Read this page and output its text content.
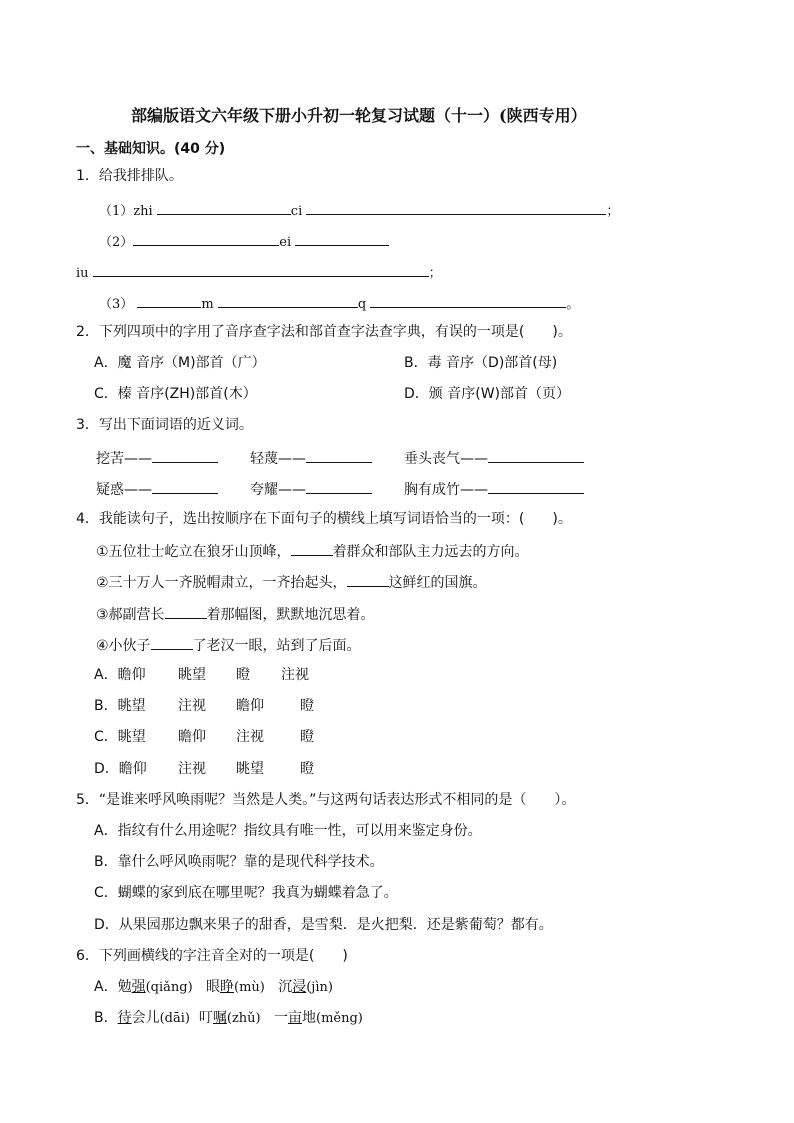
部编版语文六年级下册小升初一轮复习试题（十一）(陕西专用）
一、基础知识。(40 分)
1．给我排排队。
（1）zhi	ci	；
（2）	ei
iu	；
（3）	m	q	。
2．下列四项中的字用了音序查字法和部首查字法查字典，有误的一项是(　　)。
A．魔 音序（M)部首（广）	B．毒 音序（D)部首(母)
C．榛 音序(ZH)部首(木）	D．颁 音序(W)部首（页）
3．写出下面词语的近义词。
挖苦——	轻蔑——	垂头丧气——
疑惑——	夸耀——	胸有成竹——
4．我能读句子，选出按顺序在下面句子的横线上填写词语恰当的一项：(　　)。
①五位壮士屹立在狼牙山顶峰，	着群众和部队主力远去的方向。
②三十万人一齐脱帽肃立，一齐抬起头，	这鲜红的国旗。
③郝副营长	着那幅图，默默地沉思着。
④小伙子	了老汉一眼，站到了后面。
A．瞻仰 眺望 瞪 注视
B．眺望 注视 瞻仰	瞪
C．眺望 瞻仰 注视	瞪
D．瞻仰 注视 眺望	瞪
5．“是谁来呼风唤雨呢？当然是人类。”与这两句话表达形式不相同的是（　　）。
A．指纹有什么用途呢？指纹具有唯一性，可以用来鉴定身份。
B．靠什么呼风唤雨呢？靠的是现代科学技术。
C．蝴蝶的家到底在哪里呢？我真为蝴蝶着急了。
D．从果园那边飘来果子的甜香，是雪梨．是火把梨．还是紫葡萄？都有。
6．下列画横线的字注音全对的一项是(　　)
A．勉强(qiǎng) 眼睁(mù) 沉浸(jìn)
B．待会儿(dāi) 叮嘱(zhǔ) 一亩地(měng)
